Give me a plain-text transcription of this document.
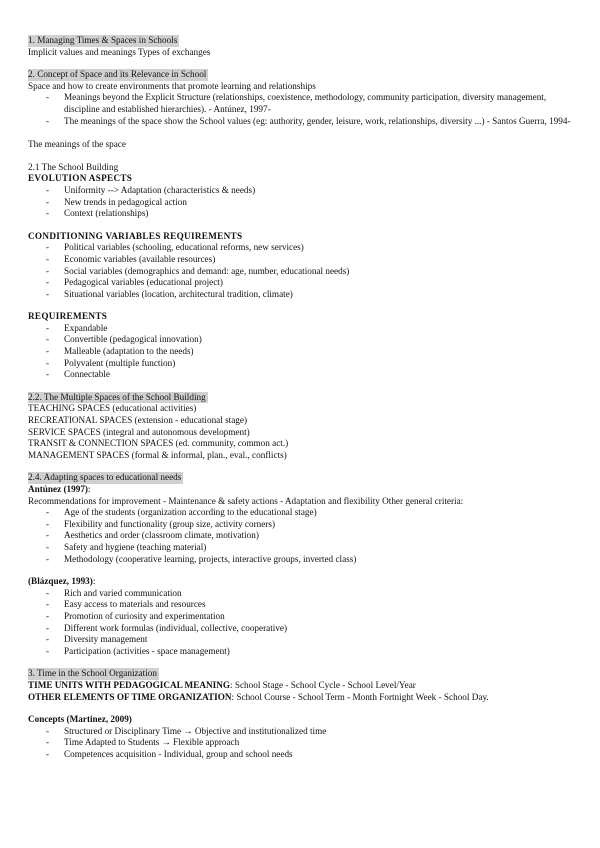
1. Managing Times & Spaces in Schools
Implicit values and meanings Types of exchanges
2. Concept of Space and its Relevance in School
Space and how to create environments that promote learning and relationships
- Meanings beyond the Explicit Structure (relationships, coexistence, methodology, community participation, diversity management, discipline and established hierarchies). - Antúnez, 1997-
- The meanings of the space show the School values (eg: authority, gender, leisure, work, relationships, diversity ...) - Santos Guerra, 1994-
The meanings of the space
2.1 The School Building
EVOLUTION ASPECTS
- Uniformity --> Adaptation (characteristics & needs)
- New trends in pedagogical action
- Context (relationships)
CONDITIONING VARIABLES REQUIREMENTS
- Political variables (schooling, educational reforms, new services)
- Economic variables (available resources)
- Social variables (demographics and demand: age, number, educational needs)
- Pedagogical variables (educational project)
- Situational variables (location, architectural tradition, climate)
REQUIREMENTS
- Expandable
- Convertible (pedagogical innovation)
- Malleable (adaptation to the needs)
- Polyvalent (multiple function)
- Connectable
2.2. The Multiple Spaces of the School Building
TEACHING SPACES (educational activities)
RECREATIONAL SPACES (extension - educational stage)
SERVICE SPACES (integral and autonomous development)
TRANSIT & CONNECTION SPACES (ed. community, common act.)
MANAGEMENT SPACES (formal & informal, plan., eval., conflicts)
2.4. Adapting spaces to educational needs
Antúnez (1997):
Recommendations for improvement - Maintenance & safety actions - Adaptation and flexibility Other general criteria:
- Age of the students (organization according to the educational stage)
- Flexibility and functionality (group size, activity corners)
- Aesthetics and order (classroom climate, motivation)
- Safety and hygiene (teaching material)
- Methodology (cooperative learning, projects, interactive groups, inverted class)
(Blázquez, 1993):
- Rich and varied communication
- Easy access to materials and resources
- Promotion of curiosity and experimentation
- Different work formulas (individual, collective, cooperative)
- Diversity management
- Participation (activities - space management)
3. Time in the School Organization
TIME UNITS WITH PEDAGOGICAL MEANING: School Stage - School Cycle - School Level/Year
OTHER ELEMENTS OF TIME ORGANIZATION: School Course - School Term - Month Fortnight Week - School Day.
Concepts (Martinez, 2009)
- Structured or Disciplinary Time → Objective and institutionalized time
- Time Adapted to Students → Flexible approach
- Competences acquisition - Individual, group and school needs
